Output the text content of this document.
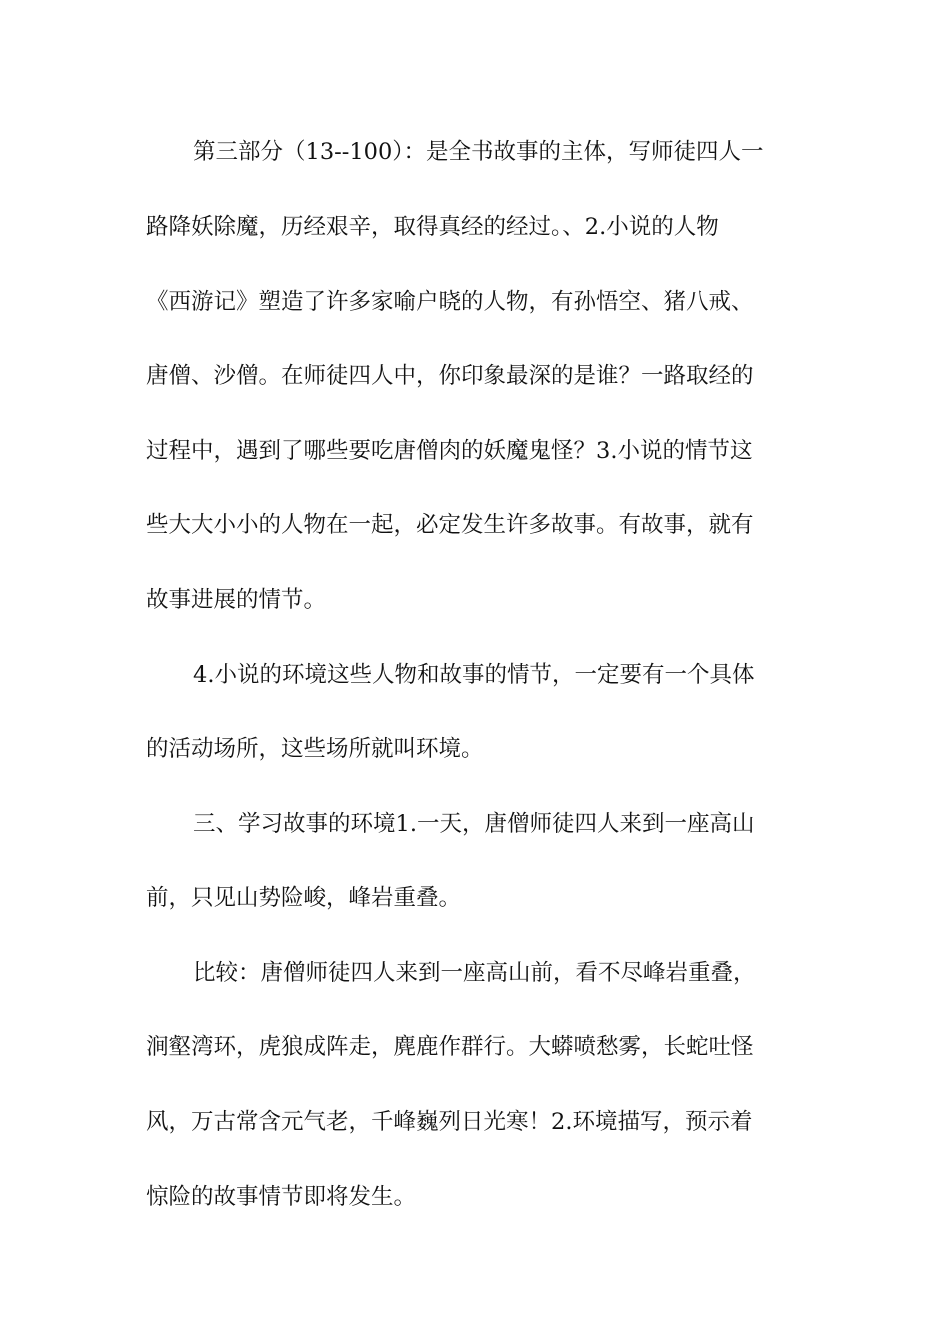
第三部分（13--100）：是全书故事的主体，写师徒四人一

路降妖除魔，历经艰辛，取得真经的经过。、2.小说的人物

《西游记》塑造了许多家喻户晓的人物，有孙悟空、猪八戒、

唐僧、沙僧。在师徒四人中，你印象最深的是谁？一路取经的

过程中，遇到了哪些要吃唐僧肉的妖魔鬼怪？3.小说的情节这

些大大小小的人物在一起，必定发生许多故事。有故事，就有

故事进展的情节。

4.小说的环境这些人物和故事的情节，一定要有一个具体

的活动场所，这些场所就叫环境。

三、学习故事的环境1.一天，唐僧师徒四人来到一座高山

前，只见山势险峻，峰岩重叠。

比较：唐僧师徒四人来到一座高山前，看不尽峰岩重叠，

涧壑湾环，虎狼成阵走，麂鹿作群行。大蟒喷愁雾，长蛇吐怪

风，万古常含元气老，千峰巍列日光寒！2.环境描写，预示着

惊险的故事情节即将发生。
